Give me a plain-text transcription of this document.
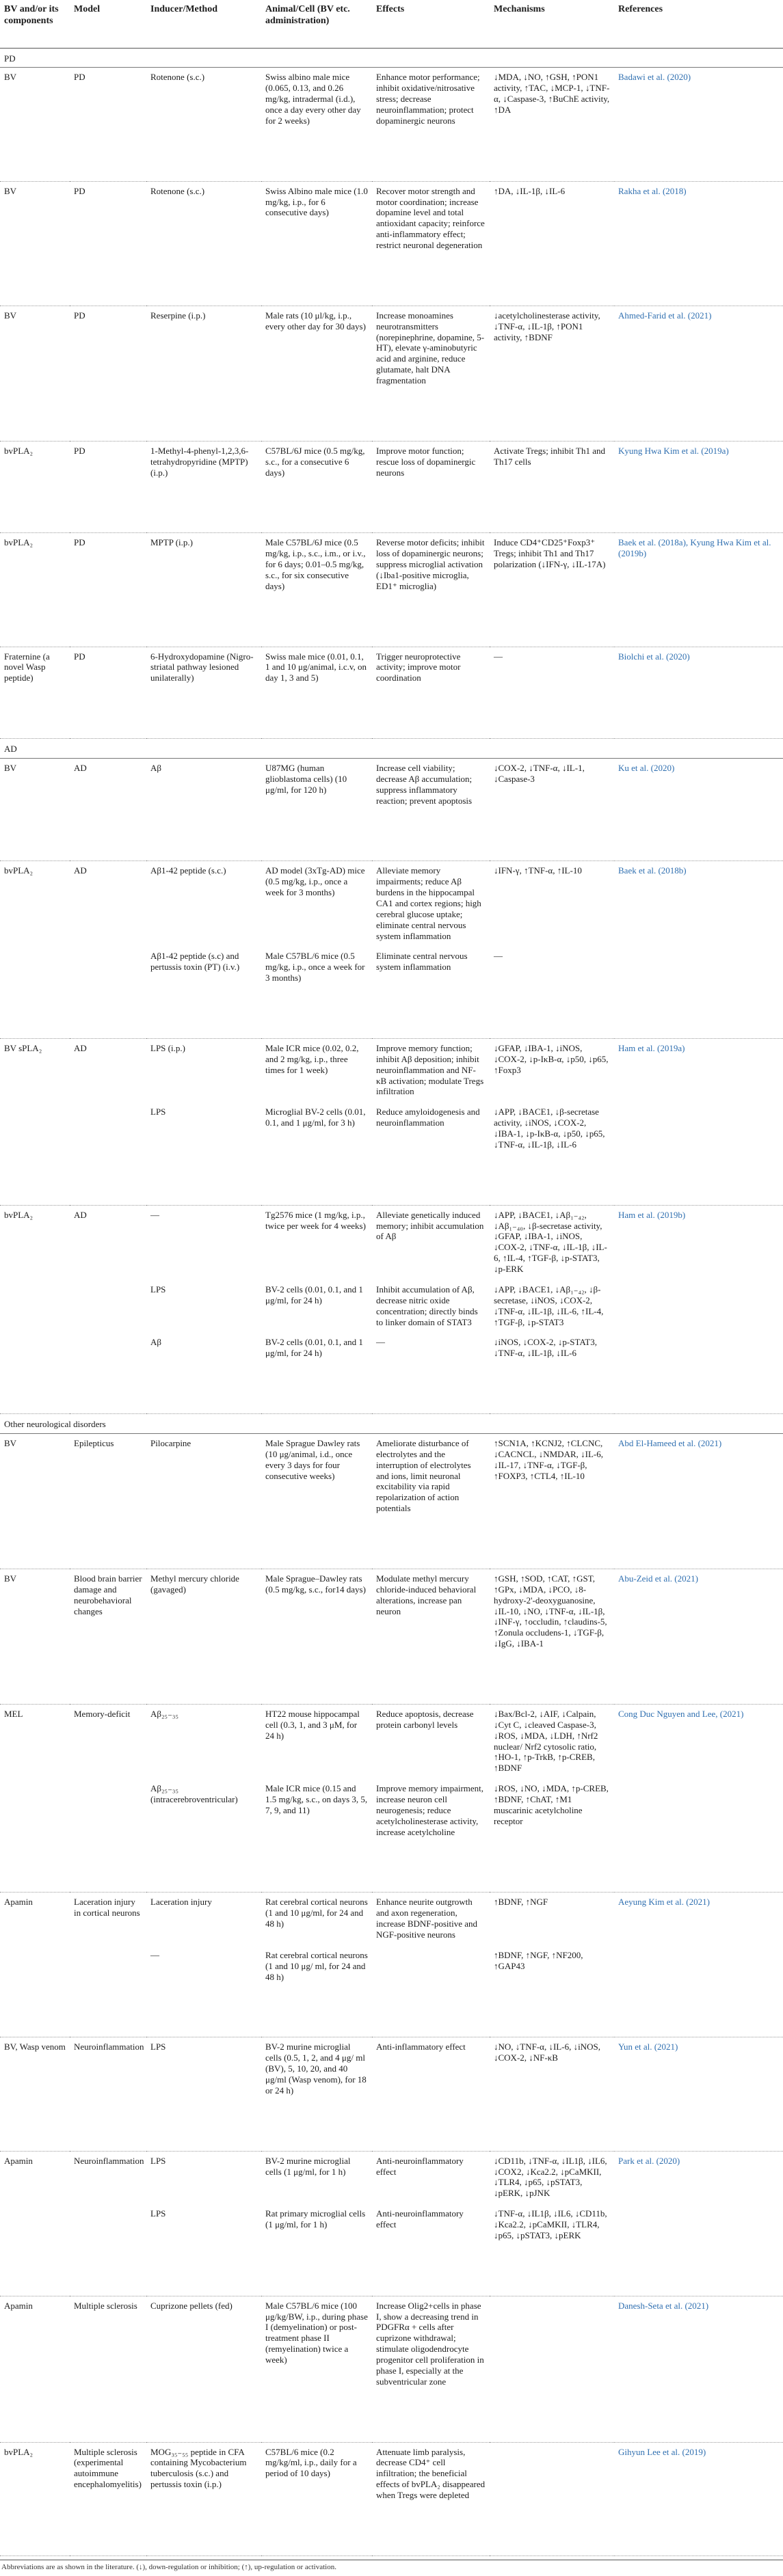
BV and/or its components	Model	Inducer/Method	Animal/Cell (BV etc. administration)	Effects	Mechanisms	References
PD						
BV	PD	Rotenone (s.c.)	Swiss albino male mice (0.065, 0.13, and 0.26 mg/kg, intradermal (i.d.), once a day every other day for 2 weeks)	Enhance motor performance; inhibit oxidative/nitrosative stress; decrease neuroinflammation; protect dopaminergic neurons	↓MDA, ↓NO, ↑GSH, ↑PON1 activity, ↑TAC, ↓MCP-1, ↓TNF-α, ↓Caspase-3, ↑BuChE activity, ↑DA	Badawi et al. (2020)
BV	PD	Rotenone (s.c.)	Swiss Albino male mice (1.0 mg/kg, i.p., for 6 consecutive days)	Recover motor strength and motor coordination; increase dopamine level and total antioxidant capacity; reinforce anti-inflammatory effect; restrict neuronal degeneration	↑DA, ↓IL-1β, ↓IL-6	Rakha et al. (2018)
BV	PD	Reserpine (i.p.)	Male rats (10 μl/kg, i.p., every other day for 30 days)	Increase monoamines neurotransmitters (norepinephrine, dopamine, 5-HT), elevate γ-aminobutyric acid and arginine, reduce glutamate, halt DNA fragmentation	↓acetylcholinesterase activity, ↓TNF-α, ↓IL-1β, ↑PON1 activity, ↑BDNF	Ahmed-Farid et al. (2021)
bvPLA₂	PD	1-Methyl-4-phenyl-1,2,3,6-tetrahydropyridine (MPTP) (i.p.)	C57BL/6J mice (0.5 mg/kg, s.c., for a consecutive 6 days)	Improve motor function; rescue loss of dopaminergic neurons	Activate Tregs; inhibit Th1 and Th17 cells	Kyung Hwa Kim et al. (2019a)
bvPLA₂	PD	MPTP (i.p.)	Male C57BL/6J mice (0.5 mg/kg, i.p., s.c., i.m., or i.v., for 6 days; 0.01–0.5 mg/kg, s.c., for six consecutive days)	Reverse motor deficits; inhibit loss of dopaminergic neurons; suppress microglial activation (↓Iba1-positive microglia, ED1⁺ microglia)	Induce CD4⁺CD25⁺Foxp3⁺ Tregs; inhibit Th1 and Th17 polarization (↓IFN-γ, ↓IL-17A)	Baek et al. (2018a), Kyung Hwa Kim et al. (2019b)
Fraternine (a novel Wasp peptide)	PD	6-Hydroxydopamine (Nigro-striatal pathway lesioned unilaterally)	Swiss male mice (0.01, 0.1, 1 and 10 μg/animal, i.c.v, on day 1, 3 and 5)	Trigger neuroprotective activity; improve motor coordination	—	Biolchi et al. (2020)
AD						
BV	AD	Aβ	U87MG (human glioblastoma cells) (10 μg/ml, for 120 h)	Increase cell viability; decrease Aβ accumulation; suppress inflammatory reaction; prevent apoptosis	↓COX-2, ↓TNF-α, ↓IL-1, ↓Caspase-3	Ku et al. (2020)
bvPLA₂	AD	Aβ1-42 peptide (s.c.)	AD model (3xTg-AD) mice (0.5 mg/kg, i.p., once a week for 3 months)	Alleviate memory impairments; reduce Aβ burdens in the hippocampal CA1 and cortex regions; high cerebral glucose uptake; eliminate central nervous system inflammation	↓IFN-γ, ↑TNF-α, ↑IL-10	Baek et al. (2018b)
		Aβ1-42 peptide (s.c) and pertussis toxin (PT) (i.v.)	Male C57BL/6 mice (0.5 mg/kg, i.p., once a week for 3 months)	Eliminate central nervous system inflammation	—	
BV sPLA₂	AD	LPS (i.p.)	Male ICR mice (0.02, 0.2, and 2 mg/kg, i.p., three times for 1 week)	Improve memory function; inhibit Aβ deposition; inhibit neuroinflammation and NF-κB activation; modulate Tregs infiltration	↓GFAP, ↓IBA-1, ↓iNOS, ↓COX-2, ↓p-IκB-α, ↓p50, ↓p65, ↑Foxp3	Ham et al. (2019a)
		LPS	Microglial BV-2 cells (0.01, 0.1, and 1 μg/ml, for 3 h)	Reduce amyloidogenesis and neuroinflammation	↓APP, ↓BACE1, ↓β-secretase activity, ↓iNOS, ↓COX-2, ↓IBA-1, ↓p-IκB-α, ↓p50, ↓p65, ↓TNF-α, ↓IL-1β, ↓IL-6	
bvPLA₂	AD	—	Tg2576 mice (1 mg/kg, i.p., twice per week for 4 weeks)	Alleviate genetically induced memory; inhibit accumulation of Aβ	↓APP, ↓BACE1, ↓Aβ₁₋₄₂, ↓Aβ₁₋₄₀, ↓β-secretase activity, ↓GFAP, ↓IBA-1, ↓iNOS, ↓COX-2, ↓TNF-α, ↓IL-1β, ↓IL-6, ↑IL-4, ↑TGF-β, ↓p-STAT3, ↓p-ERK	Ham et al. (2019b)
		LPS	BV-2 cells (0.01, 0.1, and 1 μg/ml, for 24 h)	Inhibit accumulation of Aβ, decrease nitric oxide concentration; directly binds to linker domain of STAT3	↓APP, ↓BACE1, ↓Aβ₁₋₄₂, ↓β-secretase, ↓iNOS, ↓COX-2, ↓TNF-α, ↓IL-1β, ↓IL-6, ↑IL-4, ↑TGF-β, ↓p-STAT3	
		Aβ	BV-2 cells (0.01, 0.1, and 1 μg/ml, for 24 h)	—	↓iNOS, ↓COX-2, ↓p-STAT3, ↓TNF-α, ↓IL-1β, ↓IL-6	
Other neurological disorders						
BV	Epilepticus	Pilocarpine	Male Sprague Dawley rats (10 μg/animal, i.d., once every 3 days for four consecutive weeks)	Ameliorate disturbance of electrolytes and the interruption of electrolytes and ions, limit neuronal excitability via rapid repolarization of action potentials	↑SCN1A, ↑KCNJ2, ↑CLCNC, ↓CACNCL, ↓NMDAR, ↓IL-6, ↓IL-17, ↓TNF-α, ↓TGF-β, ↑FOXP3, ↑CTL4, ↑IL-10	Abd El-Hameed et al. (2021)
BV	Blood brain barrier damage and neurobehavioral changes	Methyl mercury chloride (gavaged)	Male Sprague–Dawley rats (0.5 mg/kg, s.c., for14 days)	Modulate methyl mercury chloride-induced behavioral alterations, increase pan neuron	↑GSH, ↑SOD, ↑CAT, ↑GST, ↑GPx, ↓MDA, ↓PCO, ↓8-hydroxy-2'-deoxyguanosine, ↓IL-10, ↓NO, ↓TNF-α, ↓IL-1β, ↓INF-γ, ↑occludin, ↑claudins-5, ↑Zonula occludens-1, ↓TGF-β, ↓IgG, ↓IBA-1	Abu-Zeid et al. (2021)
MEL	Memory-deficit	Aβ₂₅₋₃₅	HT22 mouse hippocampal cell (0.3, 1, and 3 μM, for 24 h)	Reduce apoptosis, decrease protein carbonyl levels	↓Bax/Bcl-2, ↓AIF, ↓Calpain, ↓Cyt C, ↓cleaved Caspase-3, ↓ROS, ↓MDA, ↓LDH, ↑Nrf2 nuclear/ Nrf2 cytosolic ratio, ↑HO-1, ↑p-TrkB, ↑p-CREB, ↑BDNF	Cong Duc Nguyen and Lee, (2021)
		Aβ₂₅₋₃₅ (intracerebroventricular)	Male ICR mice (0.15 and 1.5 mg/kg, s.c., on days 3, 5, 7, 9, and 11)	Improve memory impairment, increase neuron cell neurogenesis; reduce acetylcholinesterase activity, increase acetylcholine	↓ROS, ↓NO, ↓MDA, ↑p-CREB, ↑BDNF, ↑ChAT, ↑M1 muscarinic acetylcholine receptor	
Apamin	Laceration injury in cortical neurons	Laceration injury	Rat cerebral cortical neurons (1 and 10 μg/ml, for 24 and 48 h)	Enhance neurite outgrowth and axon regeneration, increase BDNF-positive and NGF-positive neurons	↑BDNF, ↑NGF	Aeyung Kim et al. (2021)
		—	Rat cerebral cortical neurons (1 and 10 μg/ ml, for 24 and 48 h)		↑BDNF, ↑NGF, ↑NF200, ↑GAP43	
BV, Wasp venom	Neuroinflammation	LPS	BV-2 murine microglial cells (0.5, 1, 2, and 4 μg/ ml (BV), 5, 10, 20, and 40 μg/ml (Wasp venom), for 18 or 24 h)	Anti-inflammatory effect	↓NO, ↓TNF-α, ↓IL-6, ↓iNOS, ↓COX-2, ↓NF-κB	Yun et al. (2021)
Apamin	Neuroinflammation	LPS	BV-2 murine microglial cells (1 μg/ml, for 1 h)	Anti-neuroinflammatory effect	↓CD11b, ↓TNF-α, ↓IL1β, ↓IL6, ↓COX2, ↓Kca2.2, ↓pCaMKII, ↓TLR4, ↓p65, ↓pSTAT3, ↓pERK, ↓pJNK	Park et al. (2020)
		LPS	Rat primary microglial cells (1 μg/ml, for 1 h)	Anti-neuroinflammatory effect	↓TNF-α, ↓IL1β, ↓IL6, ↓CD11b, ↓Kca2.2, ↓pCaMKII, ↓TLR4, ↓p65, ↓pSTAT3, ↓pERK	
Apamin	Multiple sclerosis	Cuprizone pellets (fed)	Male C57BL/6 mice (100 μg/kg/BW, i.p., during phase I (demyelination) or post-treatment phase II (remyelination) twice a week)	Increase Olig2+cells in phase I, show a decreasing trend in PDGFRα + cells after cuprizone withdrawal; stimulate oligodendrocyte progenitor cell proliferation in phase I, especially at the subventricular zone		Danesh-Seta et al. (2021)
bvPLA₂	Multiple sclerosis (experimental autoimmune encephalomyelitis)	MOG₃₅₋₅₅ peptide in CFA containing Mycobacterium tuberculosis (s.c.) and pertussis toxin (i.p.)	C57BL/6 mice (0.2 mg/kg/ml, i.p., daily for a period of 10 days)	Attenuate limb paralysis, decrease CD4⁺ cell infiltration; the beneficial effects of bvPLA₂ disappeared when Tregs were depleted		Gihyun Lee et al. (2019)
Abbreviations are as shown in the literature. (↓), down-regulation or inhibition; (↑), up-regulation or activation.
